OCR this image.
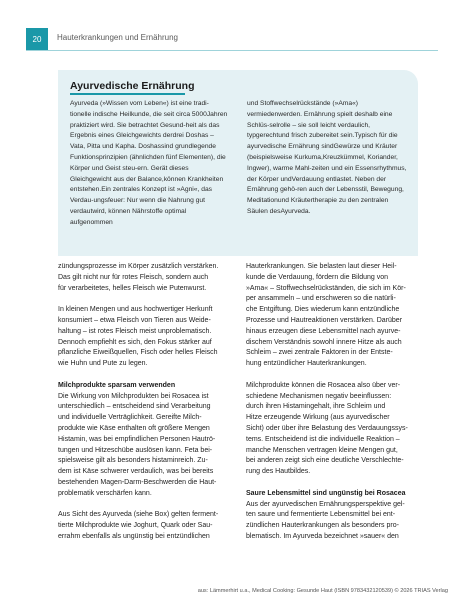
20	Hauterkrankungen und Ernährung
Ayurvedische Ernährung
Ayurveda (»Wissen vom Leben«) ist eine tradi-tionelle indische Heilkunde, die seit circa 5000Jahren praktiziert wird. Sie betrachtet Gesund-heit als das Ergebnis eines Gleichgewichts derdrei Doshas – Vata, Pitta und Kapha. Doshassind grundlegende Funktionsprinzipien (ähnlichden fünf Elementen), die Körper und Geist steu-ern. Gerät dieses Gleichgewicht aus der Balance,können Krankheiten entstehen.Ein zentrales Konzept ist »Agni«, das Verdau-ungsfeuer: Nur wenn die Nahrung gut verdautwird, können Nährstoffe optimal aufgenommen
und Stoffwechselrückstände (»Ama«) vermiedenwerden. Ernährung spielt deshalb eine Schlüs-selrolle – sie soll leicht verdaulich, typgerechtund frisch zubereitet sein.Typisch für die ayurvedische Ernährung sindGewürze und Kräuter (beispielsweise Kurkuma,Kreuzkümmel, Koriander, Ingwer), warme Mahl-zeiten und ein Essensrhythmus, der Körper undVerdauung entlastet. Neben der Ernährung gehö-ren auch der Lebensstil, Bewegung, Meditationund Kräutertherapie zu den zentralen Säulen desAyurveda.

zündungsprozesse im Körper zusätzlich verstärken.
Das gilt nicht nur für rotes Fleisch, sondern auch
für verarbeitetes, helles Fleisch wie Putenwurst.

In kleinen Mengen und aus hochwertiger Herkunft
konsumiert – etwa Fleisch von Tieren aus Weide-
haltung – ist rotes Fleisch meist unproblematisch.
Dennoch empfiehlt es sich, den Fokus stärker auf
pflanzliche Eiweißquellen, Fisch oder helles Fleisch
wie Huhn und Pute zu legen.

Milchprodukte sparsam verwenden

Die Wirkung von Milchprodukten bei Rosacea ist
unterschiedlich – entscheidend sind Verarbeitung
und individuelle Verträglichkeit. Gereifte Milch-
produkte wie Käse enthalten oft größere Mengen
Histamin, was bei empfindlichen Personen Hautrö-
tungen und Hitzeschübe auslösen kann. Feta bei-
spielsweise gilt als besonders histaminreich. Zu-
dem ist Käse schwerer verdaulich, was bei bereits
bestehenden Magen-Darm-Beschwerden die Haut-
problematik verschärfen kann.

Aus Sicht des Ayurveda (siehe Box) gelten ferment-
tierte Milchprodukte wie Joghurt, Quark oder Sau-
errahm ebenfalls als ungünstig bei entzündlichen

Hauterkrankungen. Sie belasten laut dieser Heil-
kunde die Verdauung, fördern die Bildung von
»Ama« – Stoffwechselrückständen, die sich im Kör-
per ansammeln – und erschweren so die natürli-
che Entgiftung. Dies wiederum kann entzündliche
Prozesse und Hautreaktionen verstärken. Darüber
hinaus erzeugen diese Lebensmittel nach ayurve-
dischem Verständnis sowohl innere Hitze als auch
Schleim – zwei zentrale Faktoren in der Entste-
hung entzündlicher Hauterkrankungen.

Milchprodukte können die Rosacea also über ver-
schiedene Mechanismen negativ beeinflussen:
durch ihren Histamingehalt, ihre Schleim und
Hitze erzeugende Wirkung (aus ayurvedischer
Sicht) oder über ihre Belastung des Verdauungssys-
tems. Entscheidend ist die individuelle Reaktion –
manche Menschen vertragen kleine Mengen gut,
bei anderen zeigt sich eine deutliche Verschlechte-
rung des Hautbildes.

Saure Lebensmittel sind ungünstig bei Rosacea

Aus der ayurvedischen Ernährungsperspektive gel-
ten saure und fermentierte Lebensmittel bei ent-
zündlichen Hauterkrankungen als besonders pro-
blematisch. Im Ayurveda bezeichnet »sauer« den

aus: Lämmerhirt u.a., Medical Cooking: Gesunde Haut (ISBN 9783432120539) © 2026 TRIAS Verlag
